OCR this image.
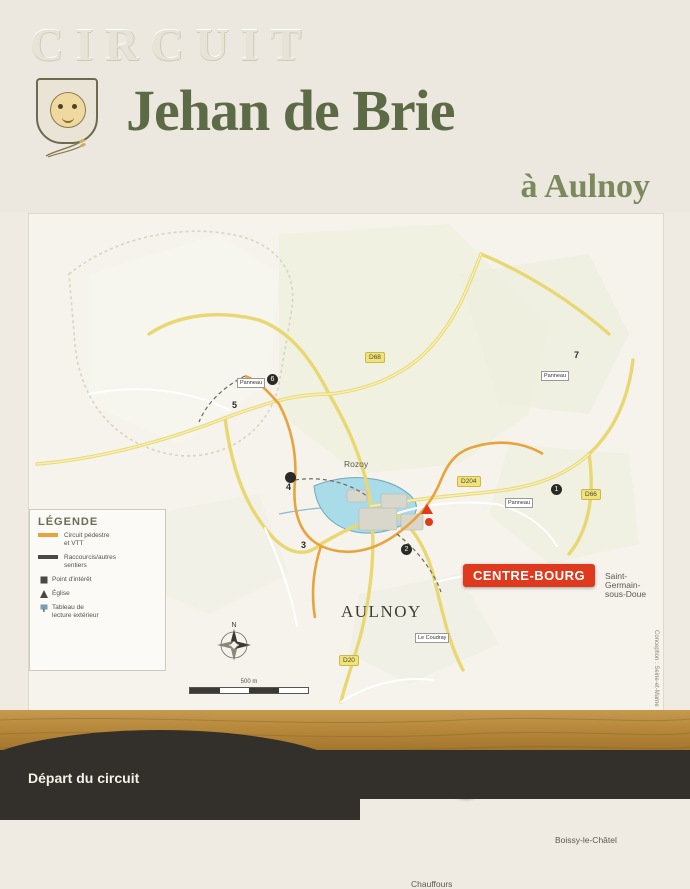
CIRCUIT
Jehan de Brie
à Aulnoy
AULNOY
Rozoy
Saint-Germain-sous-Doue
Boissy-le-Châtel
Chauffours
6
5
4
3	2
1
7
D68
D204
D66
D20
Panneau
Panneau
Panneau
Le Coudray

CENTRE-BOURG
LÉGENDE
Circuit pédestre
et VTT
Raccourcis/autres
sentiers
Point d'intérêt
Église
Tableau de
lecture extérieur
N
500 m	Conception : Seine-et-Marne
Départ du circuit
